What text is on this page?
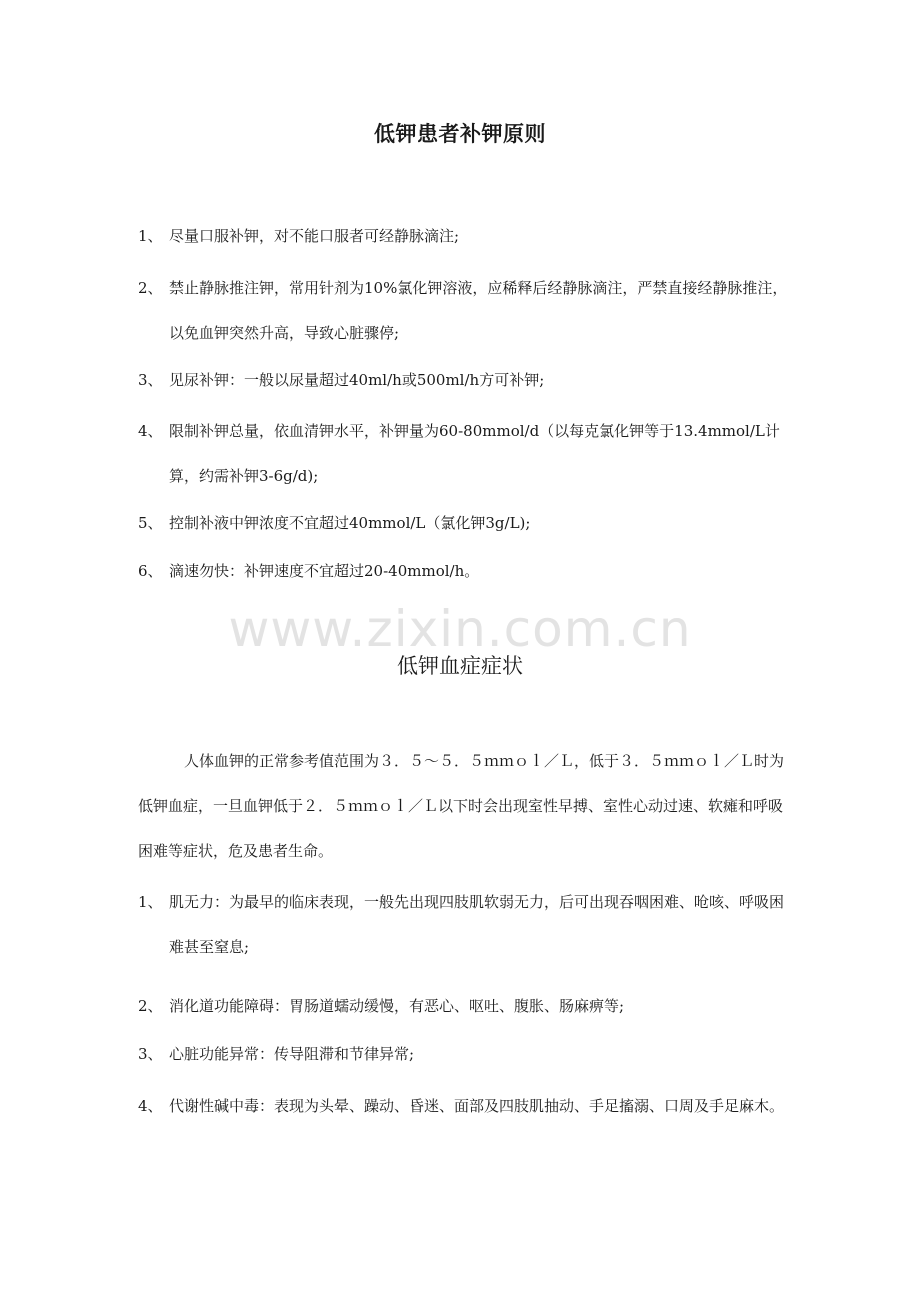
低钾患者补钾原则
1、 尽量口服补钾，对不能口服者可经静脉滴注;
2、 禁止静脉推注钾，常用针剂为10%氯化钾溶液，应稀释后经静脉滴注，严禁直接经静脉推注，以免血钾突然升高，导致心脏骤停;
3、 见尿补钾：一般以尿量超过40ml/h或500ml/h方可补钾;
4、 限制补钾总量，依血清钾水平，补钾量为60-80mmol/d（以每克氯化钾等于13.4mmol/L计算，约需补钾3-6g/d);
5、 控制补液中钾浓度不宜超过40mmol/L（氯化钾3g/L);
6、 滴速勿快：补钾速度不宜超过20-40mmol/h。
www.zixin.com.cn
低钾血症症状
人体血钾的正常参考值范围为３．５～５．５ｍｍｏｌ／Ｌ，低于３．５ｍｍｏｌ／Ｌ时为低钾血症，一旦血钾低于２．５ｍｍｏｌ／Ｌ以下时会出现室性早搏、室性心动过速、软瘫和呼吸困难等症状，危及患者生命。
1、 肌无力：为最早的临床表现，一般先出现四肢肌软弱无力，后可出现吞咽困难、呛咳、呼吸困难甚至窒息;
2、 消化道功能障碍：胃肠道蠕动缓慢，有恶心、呕吐、腹胀、肠麻痹等;
3、 心脏功能异常：传导阻滞和节律异常;
4、 代谢性碱中毒：表现为头晕、躁动、昏迷、面部及四肢肌抽动、手足搐溺、口周及手足麻木。
